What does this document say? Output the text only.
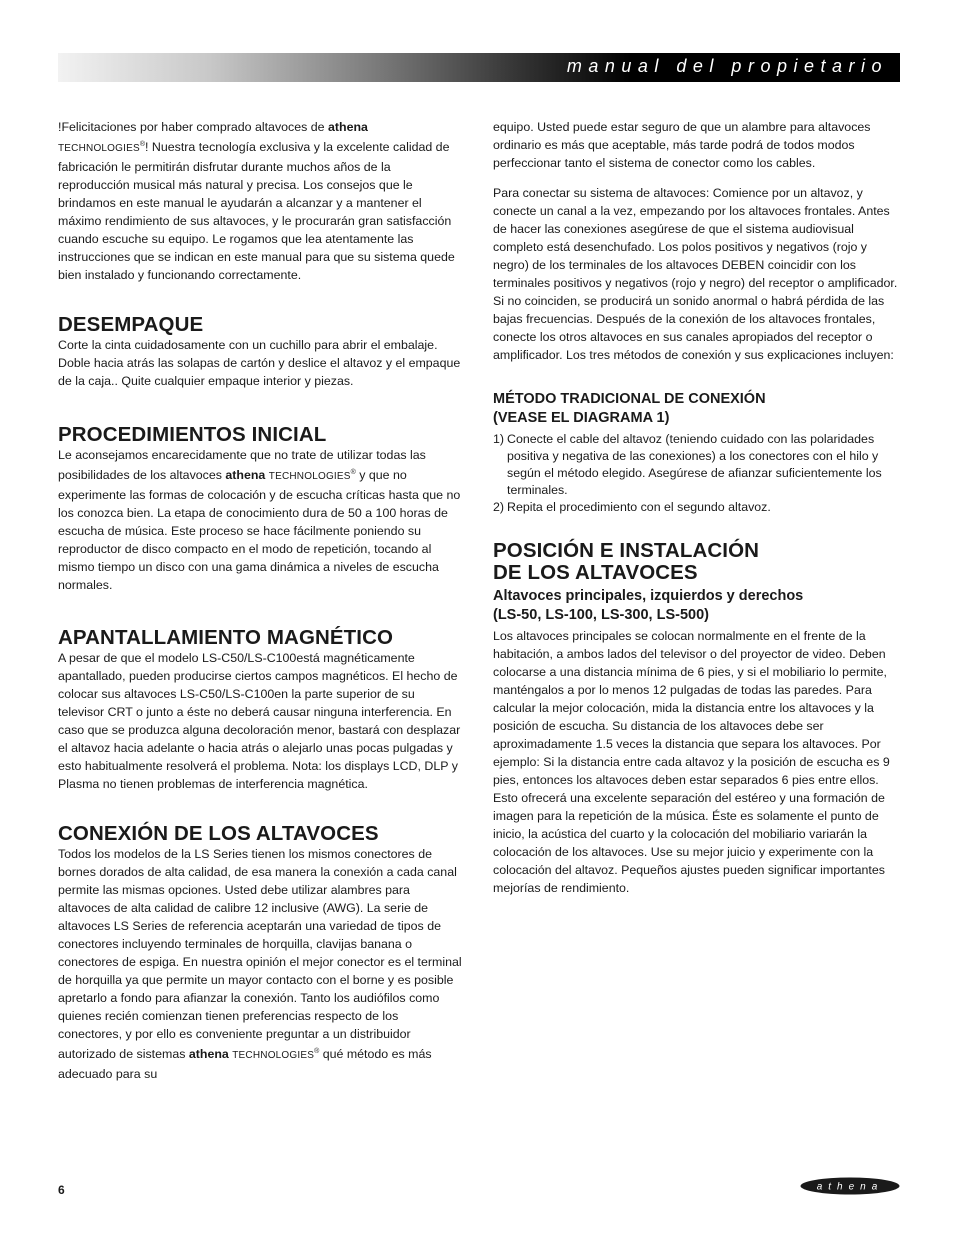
manual del propietario

!Felicitaciones por haber comprado altavoces de athena
TECHNOLOGIES®! Nuestra tecnología exclusiva y la excelente calidad de fabricación le permitirán disfrutar durante muchos años de la reproducción musical más natural y precisa. Los consejos que le brindamos en este manual le ayudarán a alcanzar y a mantener el máximo rendimiento de sus altavoces, y le procurarán gran satisfacción cuando escuche su equipo. Le rogamos que lea atentamente las instrucciones que se indican en este manual para que su sistema quede bien instalado y funcionando correctamente.

DESEMPAQUE

Corte la cinta cuidadosamente con un cuchillo para abrir el embalaje. Doble hacia atrás las solapas de cartón y deslice el altavoz y el empaque de la caja.. Quite cualquier empaque interior y piezas.

PROCEDIMIENTOS INICIAL

Le aconsejamos encarecidamente que no trate de utilizar todas las posibilidades de los altavoces athena TECHNOLOGIES® y que no experimente las formas de colocación y de escucha críticas hasta que no los conozca bien. La etapa de conocimiento dura de 50 a 100 horas de escucha de música. Este proceso se hace fácilmente poniendo su reproductor de disco compacto en el modo de repetición, tocando al mismo tiempo un disco con una gama dinámica a niveles de escucha normales.

APANTALLAMIENTO MAGNÉTICO

A pesar de que el modelo LS-C50/LS-C100está magnéticamente apantallado, pueden producirse ciertos campos magnéticos. El hecho de colocar sus altavoces LS-C50/LS-C100en la parte superior de su televisor CRT o junto a éste no deberá causar ninguna interferencia. En caso que se produzca alguna decoloración menor, bastará con desplazar el altavoz hacia adelante o hacia atrás o alejarlo unas pocas pulgadas y esto habitualmente resolverá el problema. Nota: los displays LCD, DLP y Plasma no tienen problemas de interferencia magnética.

CONEXIÓN DE LOS ALTAVOCES

Todos los modelos de la LS Series tienen los mismos conectores de bornes dorados de alta calidad, de esa manera la conexión a cada canal permite las mismas opciones. Usted debe utilizar alambres para altavoces de alta calidad de calibre 12 inclusive (AWG). La serie de altavoces LS Series de referencia aceptarán una variedad de tipos de conectores incluyendo terminales de horquilla, clavijas banana o conectores de espiga. En nuestra opinión el mejor conector es el terminal de horquilla ya que permite un mayor contacto con el borne y es posible apretarlo a fondo para afianzar la conexión. Tanto los audiófilos como quienes recién comienzan tienen preferencias respecto de los conectores, y por ello es conveniente preguntar a un distribuidor autorizado de sistemas athena TECHNOLOGIES® qué método es más adecuado para su

equipo. Usted puede estar seguro de que un alambre para altavoces ordinario es más que aceptable, más tarde podrá de todos modos perfeccionar tanto el sistema de conector como los cables.

Para conectar su sistema de altavoces: Comience por un altavoz, y conecte un canal a la vez, empezando por los altavoces frontales. Antes de hacer las conexiones asegúrese de que el sistema audiovisual completo está desenchufado. Los polos positivos y negativos (rojo y negro) de los terminales de los altavoces DEBEN coincidir con los terminales positivos y negativos (rojo y negro) del receptor o amplificador. Si no coinciden, se producirá un sonido anormal o habrá pérdida de las bajas frecuencias. Después de la conexión de los altavoces frontales, conecte los otros altavoces en sus canales apropiados del receptor o amplificador. Los tres métodos de conexión y sus explicaciones incluyen:

MÉTODO TRADICIONAL DE CONEXIÓN
(VEASE EL DIAGRAMA 1)
1) Conecte el cable del altavoz (teniendo cuidado con las polaridades positiva y negativa de las conexiones) a los conectores con el hilo y según el método elegido. Asegúrese de afianzar suficientemente los terminales.
2) Repita el procedimiento con el segundo altavoz.
POSICIÓN E INSTALACIÓN
DE LOS ALTAVOCES
Altavoces principales, izquierdos y derechos
(LS-50, LS-100, LS-300, LS-500)

Los altavoces principales se colocan normalmente en el frente de la habitación, a ambos lados del televisor o del proyector de video. Deben colocarse a una distancia mínima de 6 pies, y si el mobiliario lo permite, manténgalos a por lo menos 12 pulgadas de todas las paredes. Para calcular la mejor colocación, mida la distancia entre los altavoces y la posición de escucha. Su distancia de los altavoces debe ser aproximadamente 1.5 veces la distancia que separa los altavoces. Por ejemplo: Si la distancia entre cada altavoz y la posición de escucha es 9 pies, entonces los altavoces deben estar separados 6 pies entre ellos. Esto ofrecerá una excelente separación del estéreo y una formación de imagen para la repetición de la música. Éste es solamente el punto de inicio, la acústica del cuarto y la colocación del mobiliario variarán la colocación de los altavoces. Use su mejor juicio y experimente con la colocación del altavoz. Pequeños ajustes pueden significar importantes mejorías de rendimiento.

6	athena
